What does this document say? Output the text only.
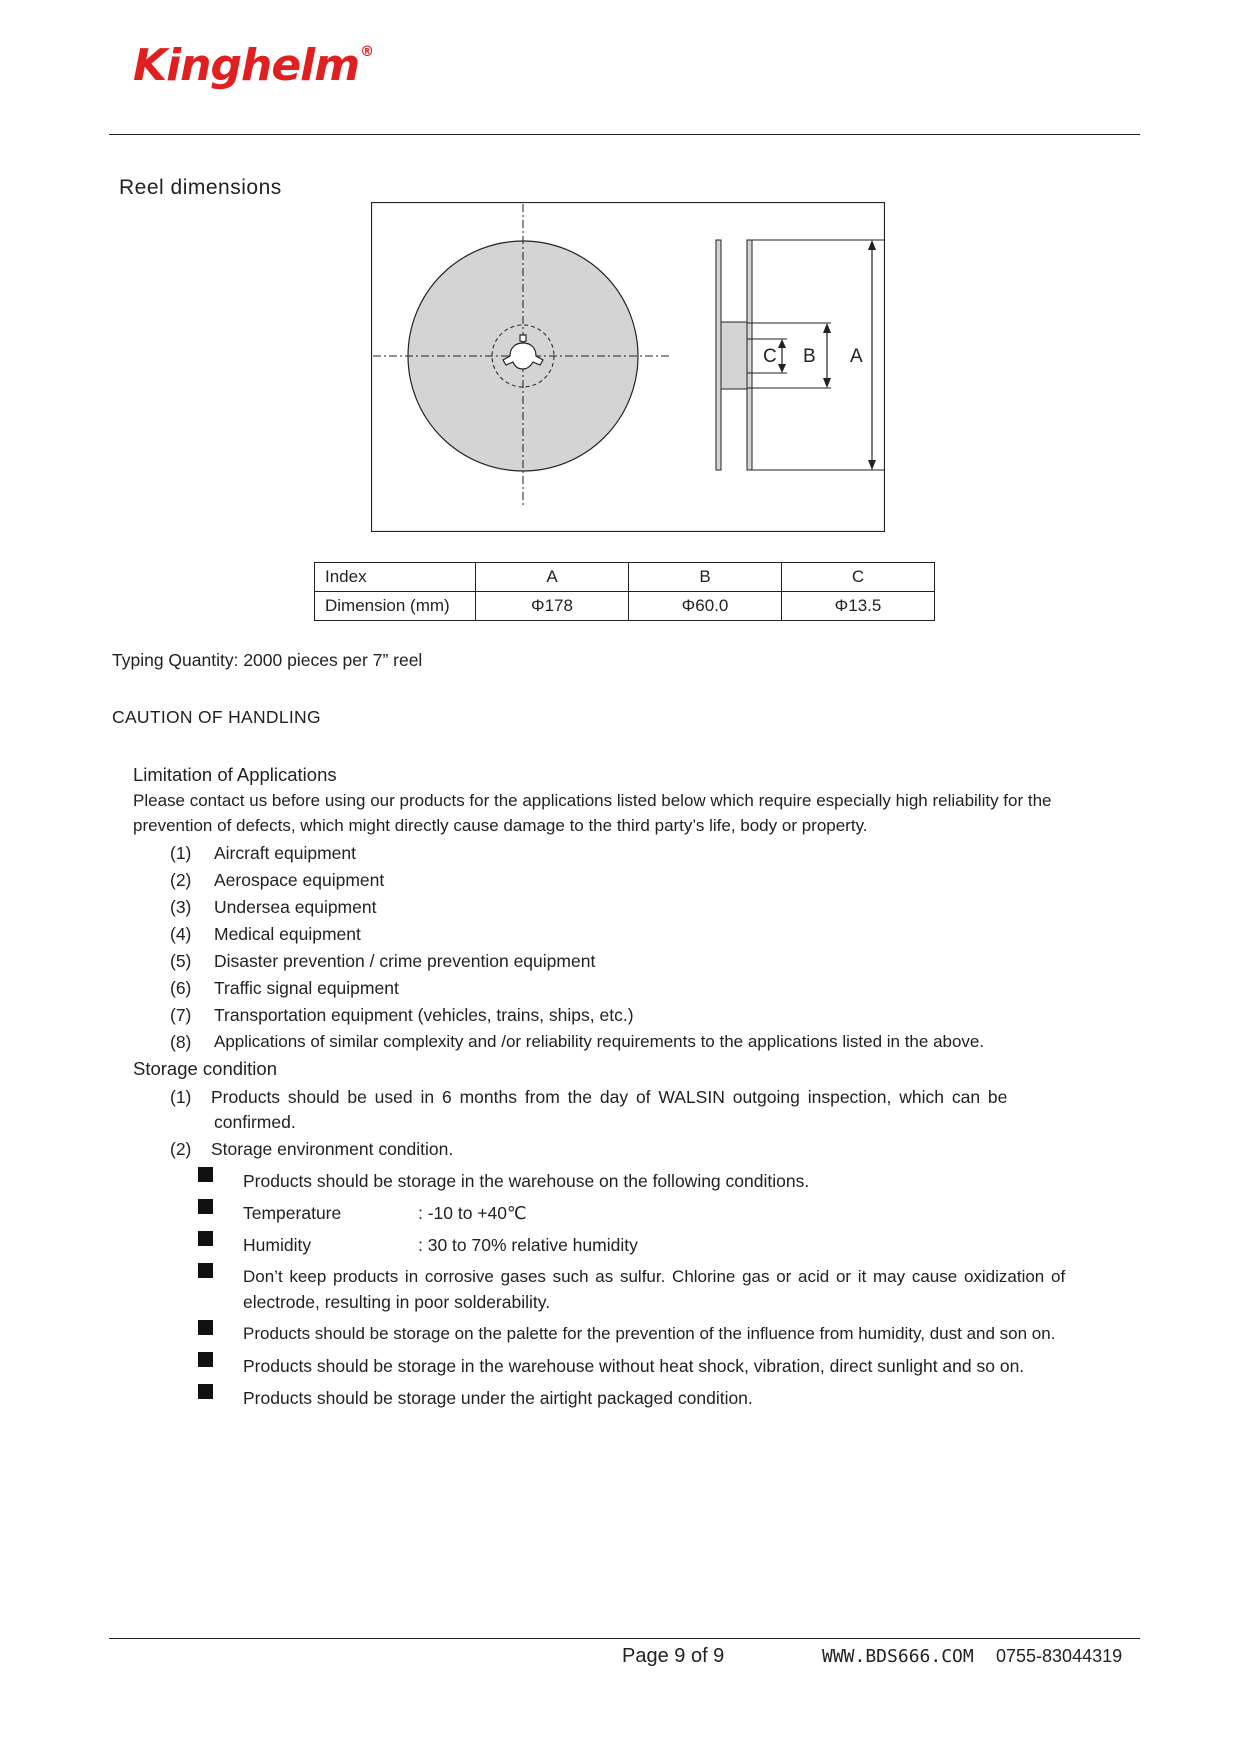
Kinghelm®
Reel dimensions
C B A
Index	A	B	C
Dimension (mm)	Φ178	Φ60.0	Φ13.5
Typing Quantity: 2000 pieces per 7” reel
CAUTION OF HANDLING
Limitation of Applications
Please contact us before using our products for the applications listed below which require especially high reliability for the
prevention of defects, which might directly cause damage to the third party’s life, body or property.
(1) Aircraft equipment
(2) Aerospace equipment
(3) Undersea equipment
(4) Medical equipment
(5) Disaster prevention / crime prevention equipment
(6) Traffic signal equipment
(7) Transportation equipment (vehicles, trains, ships, etc.)
(8) Applications of similar complexity and /or reliability requirements to the applications listed in the above.
Storage condition
(1) Products should be used in 6 months from the day of WALSIN outgoing inspection, which can be
confirmed.
(2) Storage environment condition.
Products should be storage in the warehouse on the following conditions.
Temperature	: -10 to +40℃
Humidity	: 30 to 70% relative humidity
Don’t keep products in corrosive gases such as sulfur. Chlorine gas or acid or it may cause oxidization of
electrode, resulting in poor solderability.
Products should be storage on the palette for the prevention of the influence from humidity, dust and son on.
Products should be storage in the warehouse without heat shock, vibration, direct sunlight and so on.
Products should be storage under the airtight packaged condition.
Page 9 of 9	WWW.BDS666.COM 0755-83044319
